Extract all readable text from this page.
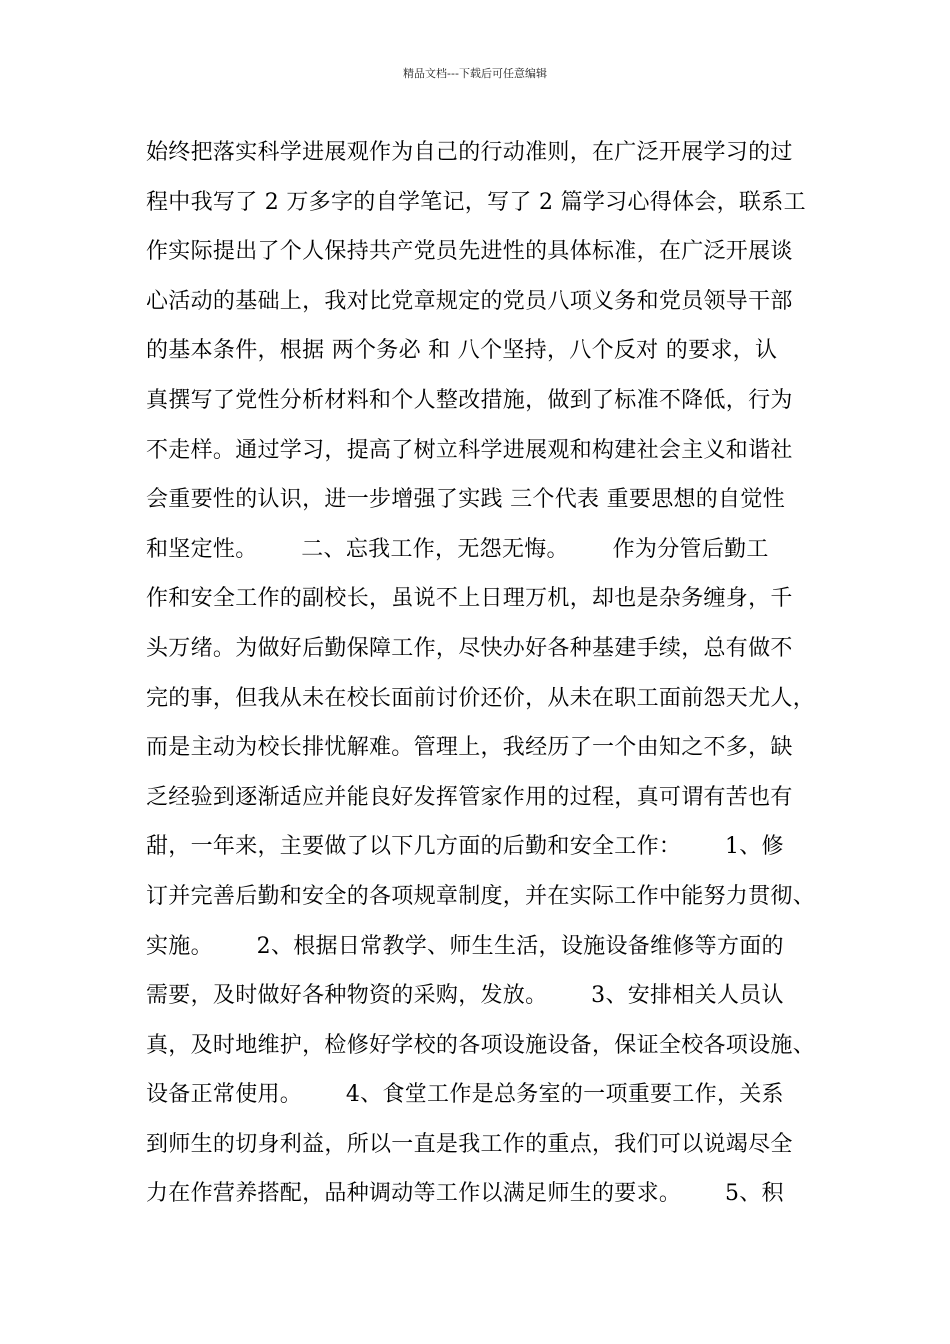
精品文档---下载后可任意编辑
始终把落实科学进展观作为自己的行动准则，在广泛开展学习的过
程中我写了 2 万多字的自学笔记，写了 2 篇学习心得体会，联系工
作实际提出了个人保持共产党员先进性的具体标准，在广泛开展谈
心活动的基础上，我对比党章规定的党员八项义务和党员领导干部
的基本条件，根据 两个务必 和 八个坚持，八个反对 的要求，认
真撰写了党性分析材料和个人整改措施，做到了标准不降低，行为
不走样。通过学习，提高了树立科学进展观和构建社会主义和谐社
会重要性的认识，进一步增强了实践 三个代表 重要思想的自觉性
和坚定性。      二、忘我工作，无怨无悔。      作为分管后勤工
作和安全工作的副校长，虽说不上日理万机，却也是杂务缠身，千
头万绪。为做好后勤保障工作，尽快办好各种基建手续，总有做不
完的事，但我从未在校长面前讨价还价，从未在职工面前怨天尤人，
而是主动为校长排忧解难。管理上，我经历了一个由知之不多，缺
乏经验到逐渐适应并能良好发挥管家作用的过程，真可谓有苦也有
甜，一年来，主要做了以下几方面的后勤和安全工作：      1、修
订并完善后勤和安全的各项规章制度，并在实际工作中能努力贯彻、
实施。      2、根据日常教学、师生生活，设施设备维修等方面的
需要，及时做好各种物资的采购，发放。      3、安排相关人员认
真，及时地维护，检修好学校的各项设施设备，保证全校各项设施、
设备正常使用。      4、食堂工作是总务室的一项重要工作，关系
到师生的切身利益，所以一直是我工作的重点，我们可以说竭尽全
力在作营养搭配，品种调动等工作以满足师生的要求。      5、积
